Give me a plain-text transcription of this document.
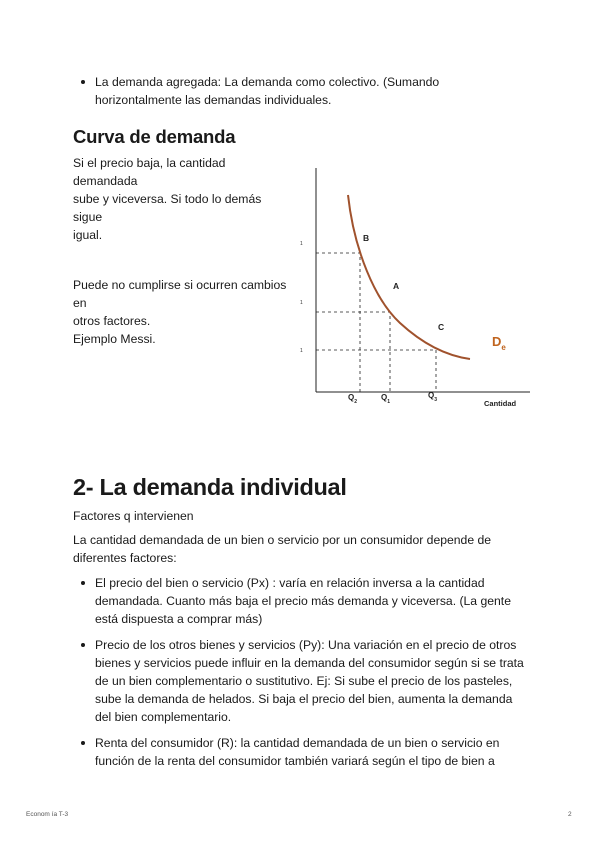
La demanda agregada: La demanda como colectivo. (Sumando horizontalmente las demandas individuales.
Curva de demanda
Si el precio baja, la cantidad
demandada
sube y viceversa. Si todo lo demás
sigue
igual.
Puede no cumplirse si ocurren cambios
en
otros factores.
Ejemplo Messi.
1
1
1
B
A
C
$D_e$
$Q_2$	$Q_1$
$Q_3$	Cantidad
2- La demanda individual
Factores q intervienen
La cantidad demandada de un bien o servicio por un consumidor depende de diferentes factores:
El precio del bien o servicio (Px) : varía en relación inversa a la cantidad demandada. Cuanto más baja el precio más demanda y viceversa. (La gente está dispuesta a comprar más)
Precio de los otros bienes y servicios (Py): Una variación en el precio de otros bienes y servicios puede influir en la demanda del consumidor según si se trata de un bien complementario o sustitutivo. Ej: Si sube el precio de los pasteles, sube la demanda de helados. Si baja el precio del bien, aumenta la demanda del bien complementario.
Renta del consumidor (R): la cantidad demandada de un bien o servicio en función de la renta del consumidor también variará según el tipo de bien a
Econom ía T-3	2
